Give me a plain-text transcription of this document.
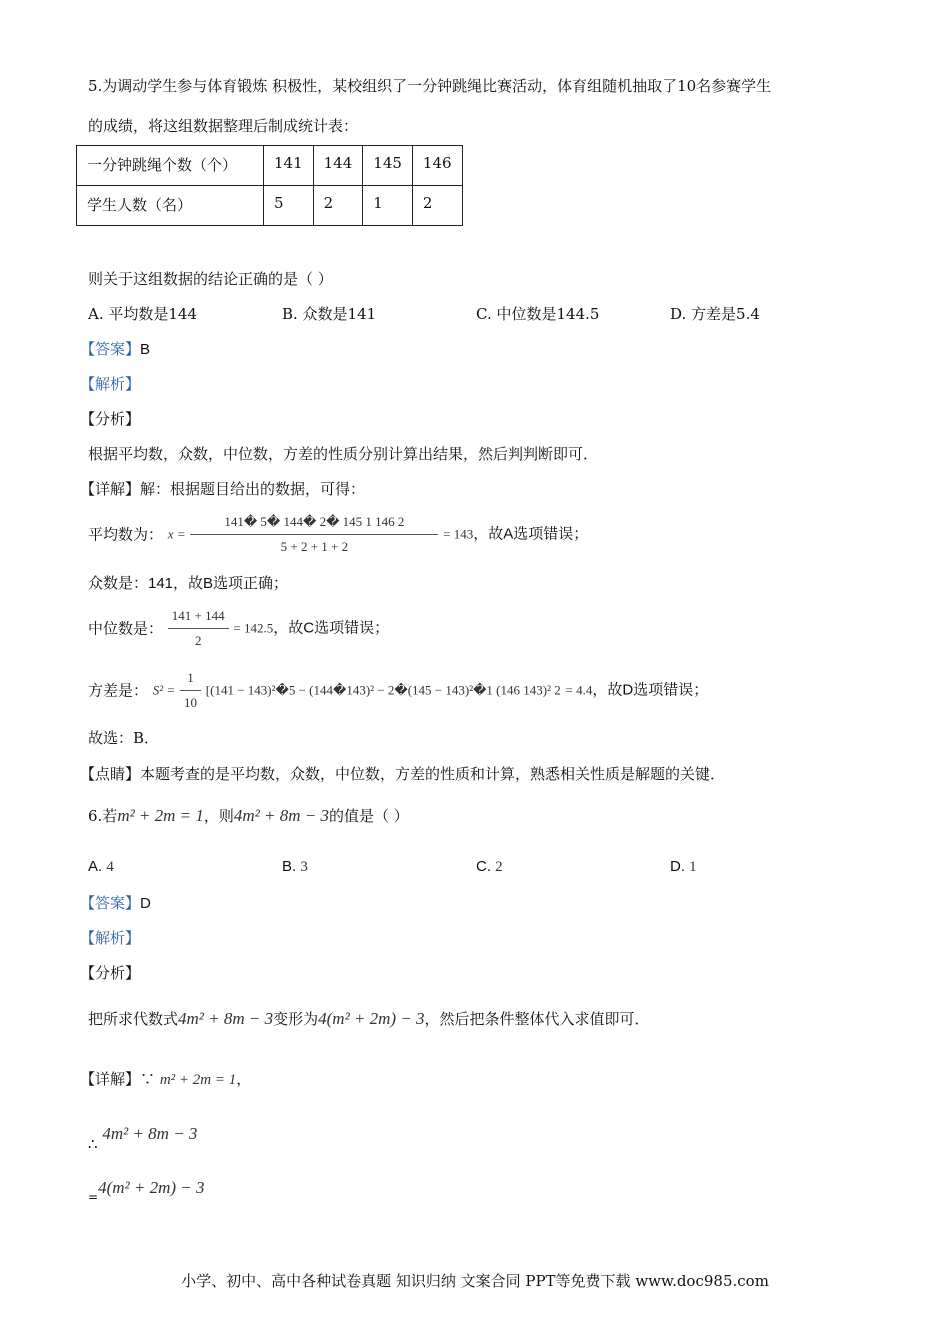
5.为调动学生参与体育锻炼 积极性，某校组织了一分钟跳绳比赛活动，体育组随机抽取了10名参赛学生
的成绩，将这组数据整理后制成统计表：
一分钟跳绳个数（个）	141	144	145	146
学生人数（名）	5	2	1	2
则关于这组数据的结论正确的是（ ）
A. 平均数是144	B. 众数是141	C. 中位数是144.5	D. 方差是5.4
【答案】B
【解析】
【分析】
根据平均数，众数，中位数，方差的性质分别计算出结果，然后判判断即可．
【详解】解：根据题目给出的数据，可得：
平均数为： $x = \frac{141� 5� 144� 2� 145 1 146 2}{5 + 2 + 1 + 2} = 143$，故A选项错误；
众数是：141，故B选项正确；
中位数是： $\frac{141 + 144}{2} = 142.5$，故C选项错误；
方差是： $S^2 = \frac{1}{10} [(141$ − 143)²�5 − (144�143)² − 2�(145 − 143)²�1 (146 143)² 2 = 4.4，故D选项错误；
故选：B．
【点睛】本题考查的是平均数，众数，中位数，方差的性质和计算，熟悉相关性质是解题的关键．
6.若m² + 2m = 1，则4m² + 8m − 3的值是（ ）
A. 4	B. 3	C. 2	D. 1
【答案】D
【解析】
【分析】
把所求代数式4m² + 8m − 3变形为4(m² + 2m) − 3，然后把条件整体代入求值即可．
【详解】∵ m² + 2m = 1，
∴ 4m² + 8m − 3
$_=$4(m² + 2m) − 3
小学、初中、高中各种试卷真题 知识归纳 文案合同 PPT等免费下载 www.doc985.com
